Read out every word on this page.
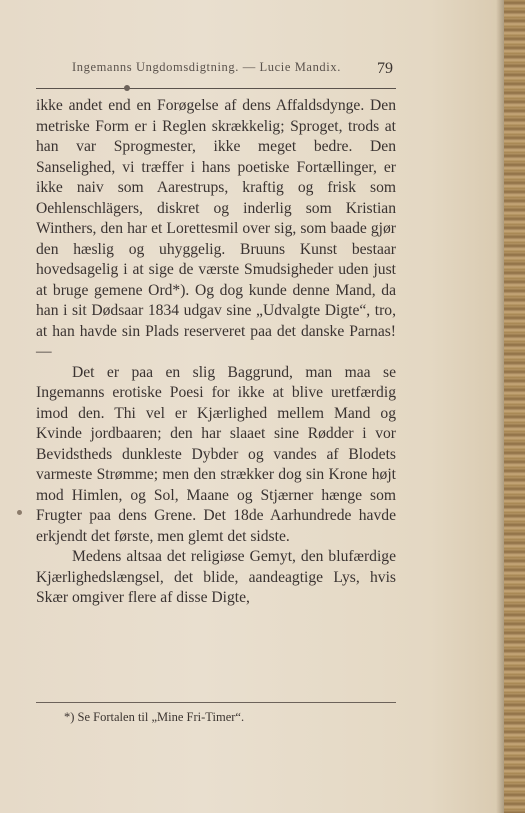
Ingemanns Ungdomsdigtning. — Lucie Mandix.	79

ikke andet end en Forøgelse af dens Affaldsdynge. Den metriske Form er i Reglen skrækkelig; Sproget, trods at han var Sprogmester, ikke meget bedre. Den Sanselighed, vi træffer i hans poetiske Fortællinger, er ikke naiv som Aarestrups, kraftig og frisk som Oehlenschlägers, diskret og inderlig som Kristian Winthers, den har et Lorettesmil over sig, som baade gjør den hæslig og uhyggelig. Bruuns Kunst bestaar hovedsagelig i at sige de værste Smudsigheder uden just at bruge gemene Ord*). Og dog kunde denne Mand, da han i sit Dødsaar 1834 udgav sine „Udvalgte Digte“, tro, at han havde sin Plads reserveret paa det danske Parnas! —

Det er paa en slig Baggrund, man maa se Ingemanns erotiske Poesi for ikke at blive uretfærdig imod den. Thi vel er Kjærlighed mellem Mand og Kvinde jordbaaren; den har slaaet sine Rødder i vor Bevidstheds dunkleste Dybder og vandes af Blodets varmeste Strømme; men den strækker dog sin Krone højt mod Himlen, og Sol, Maane og Stjærner hænge som Frugter paa dens Grene. Det 18de Aarhundrede havde erkjendt det første, men glemt det sidste.

Medens altsaa det religiøse Gemyt, den blufærdige Kjærlighedslængsel, det blide, aandeagtige Lys, hvis Skær omgiver flere af disse Digte,

*) Se Fortalen til „Mine Fri-Timer“.
